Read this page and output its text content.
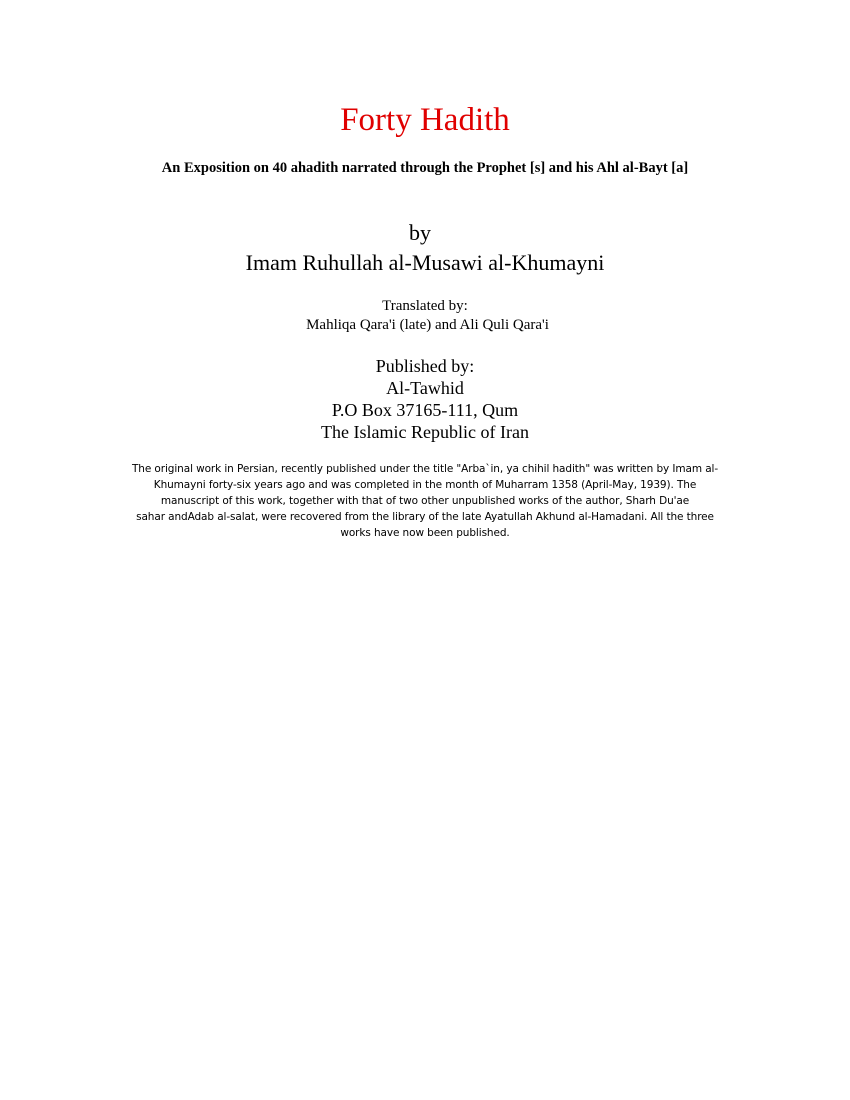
Forty Hadith

An Exposition on 40 ahadith narrated through the Prophet [s] and his Ahl al-Bayt [a]

by
Imam Ruhullah al-Musawi al-Khumayni
Translated by:
Mahliqa Qara'i (late) and Ali Quli Qara'i
Published by:
Al-Tawhid
P.O Box 37165-111, Qum
The Islamic Republic of Iran
The original work in Persian, recently published under the title "Arba`in, ya chihil hadith" was written by Imam al-
Khumayni forty-six years ago and was completed in the month of Muharram 1358 (April-May, 1939). The
manuscript of this work, together with that of two other unpublished works of the author, Sharh Du'ae
sahar andAdab al-salat, were recovered from the library of the late Ayatullah Akhund al-Hamadani. All the three
works have now been published.
